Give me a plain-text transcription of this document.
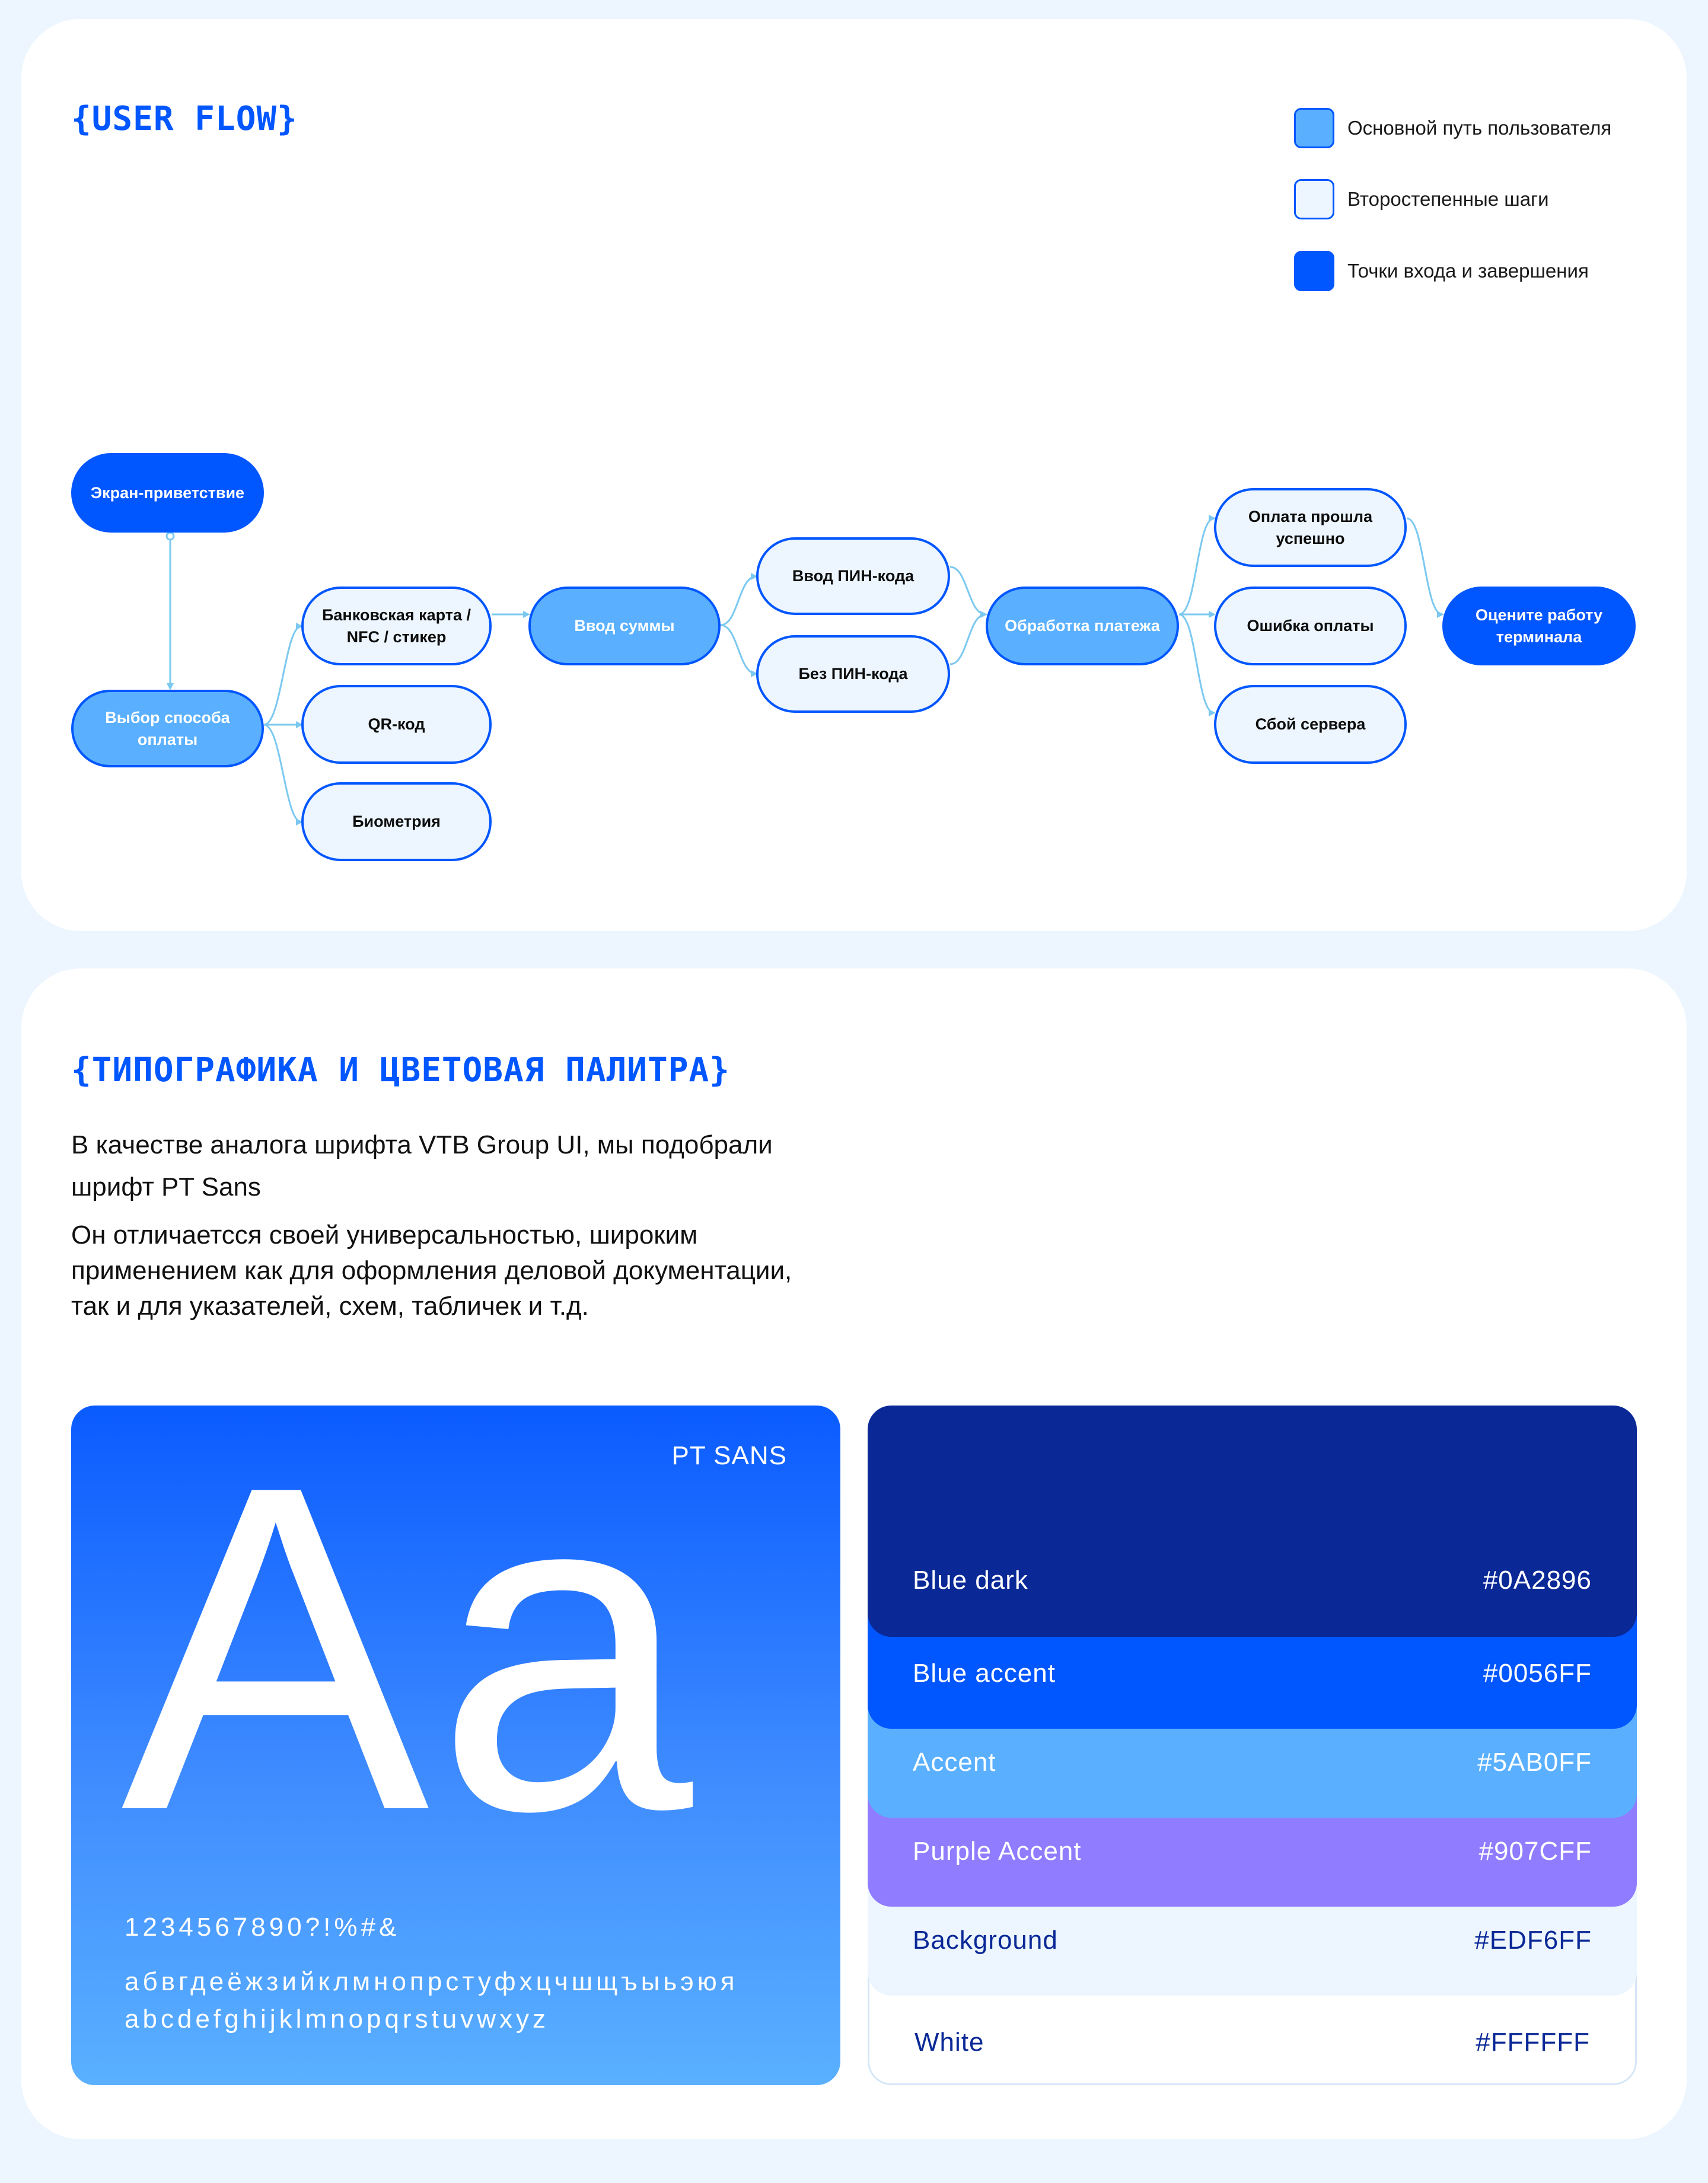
{USER FLOW}	Основной путь пользователя
Второстепенные шаги
Точки входа и завершения
Экран-приветствие
Выбор способа оплаты
Банковская карта / NFC / стикер
QR-код
Биометрия
Ввод суммы
Ввод ПИН-кода
Без ПИН-кода
Обработка платежа
Оплата прошла успешно
Ошибка оплаты
Сбой сервера
Оцените работу терминала
{ТИПОГРАФИКА И ЦВЕТОВАЯ ПАЛИТРА}

В качестве аналога шрифта VTB Group UI, мы подобрали

шрифт PT Sans

Он отличаетсся своей универсальностью, широким

применением как для оформления деловой документации,

так и для указателей, схем, табличек и т.д.

PT SANS
Aa
1234567890?!%#&
абвгдеёжзийклмнопрстуфхцчшщъыьэюя
abcdefghijklmnopqrstuvwxyz
White	#FFFFFF
Background	#EDF6FF
Purple Accent	#907CFF
Accent	#5AB0FF
Blue accent	#0056FF
Blue dark	#0A2896
